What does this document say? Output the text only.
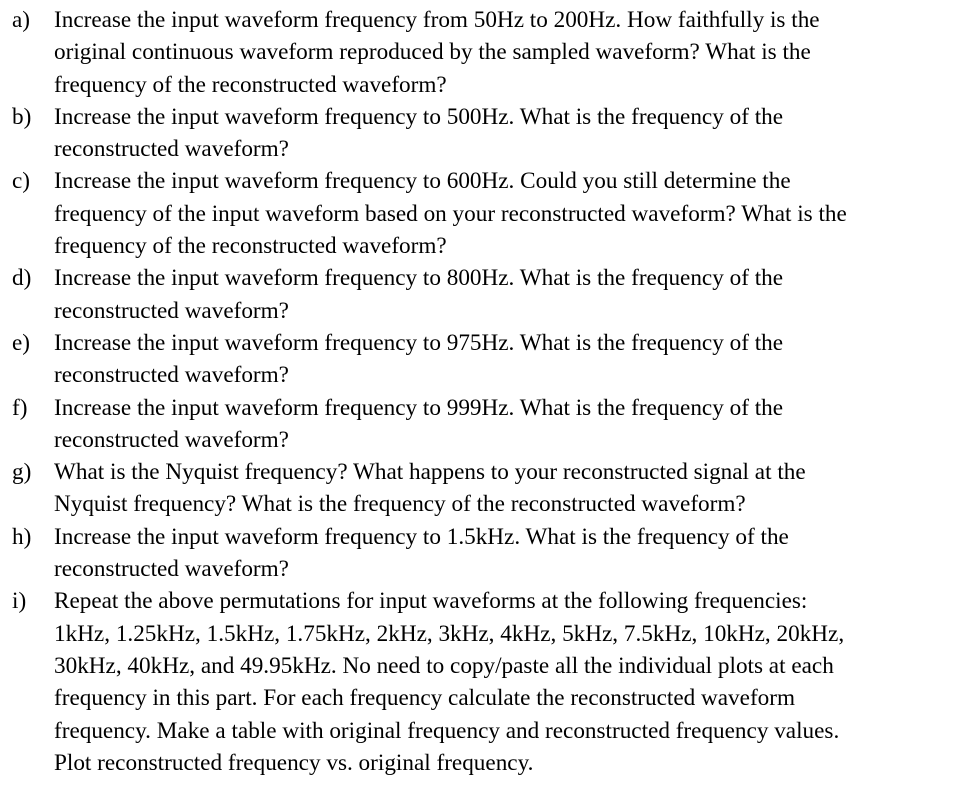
a)	Increase the input waveform frequency from 50Hz to 200Hz. How faithfully is the
original continuous waveform reproduced by the sampled waveform? What is the
frequency of the reconstructed waveform?
b) Increase the input waveform frequency to 500Hz. What is the frequency of the
reconstructed waveform?
c)	Increase the input waveform frequency to 600Hz. Could you still determine the
frequency of the input waveform based on your reconstructed waveform? What is the
frequency of the reconstructed waveform?
d) Increase the input waveform frequency to 800Hz. What is the frequency of the
reconstructed waveform?
e)	Increase the input waveform frequency to 975Hz. What is the frequency of the
reconstructed waveform?
f)	Increase the input waveform frequency to 999Hz. What is the frequency of the
reconstructed waveform?
g) What is the Nyquist frequency? What happens to your reconstructed signal at the
Nyquist frequency? What is the frequency of the reconstructed waveform?
h) Increase the input waveform frequency to 1.5kHz. What is the frequency of the
reconstructed waveform?
i)	Repeat the above permutations for input waveforms at the following frequencies:
1kHz, 1.25kHz, 1.5kHz, 1.75kHz, 2kHz, 3kHz, 4kHz, 5kHz, 7.5kHz, 10kHz, 20kHz,
30kHz, 40kHz, and 49.95kHz. No need to copy/paste all the individual plots at each
frequency in this part. For each frequency calculate the reconstructed waveform
frequency. Make a table with original frequency and reconstructed frequency values.
Plot reconstructed frequency vs. original frequency.
